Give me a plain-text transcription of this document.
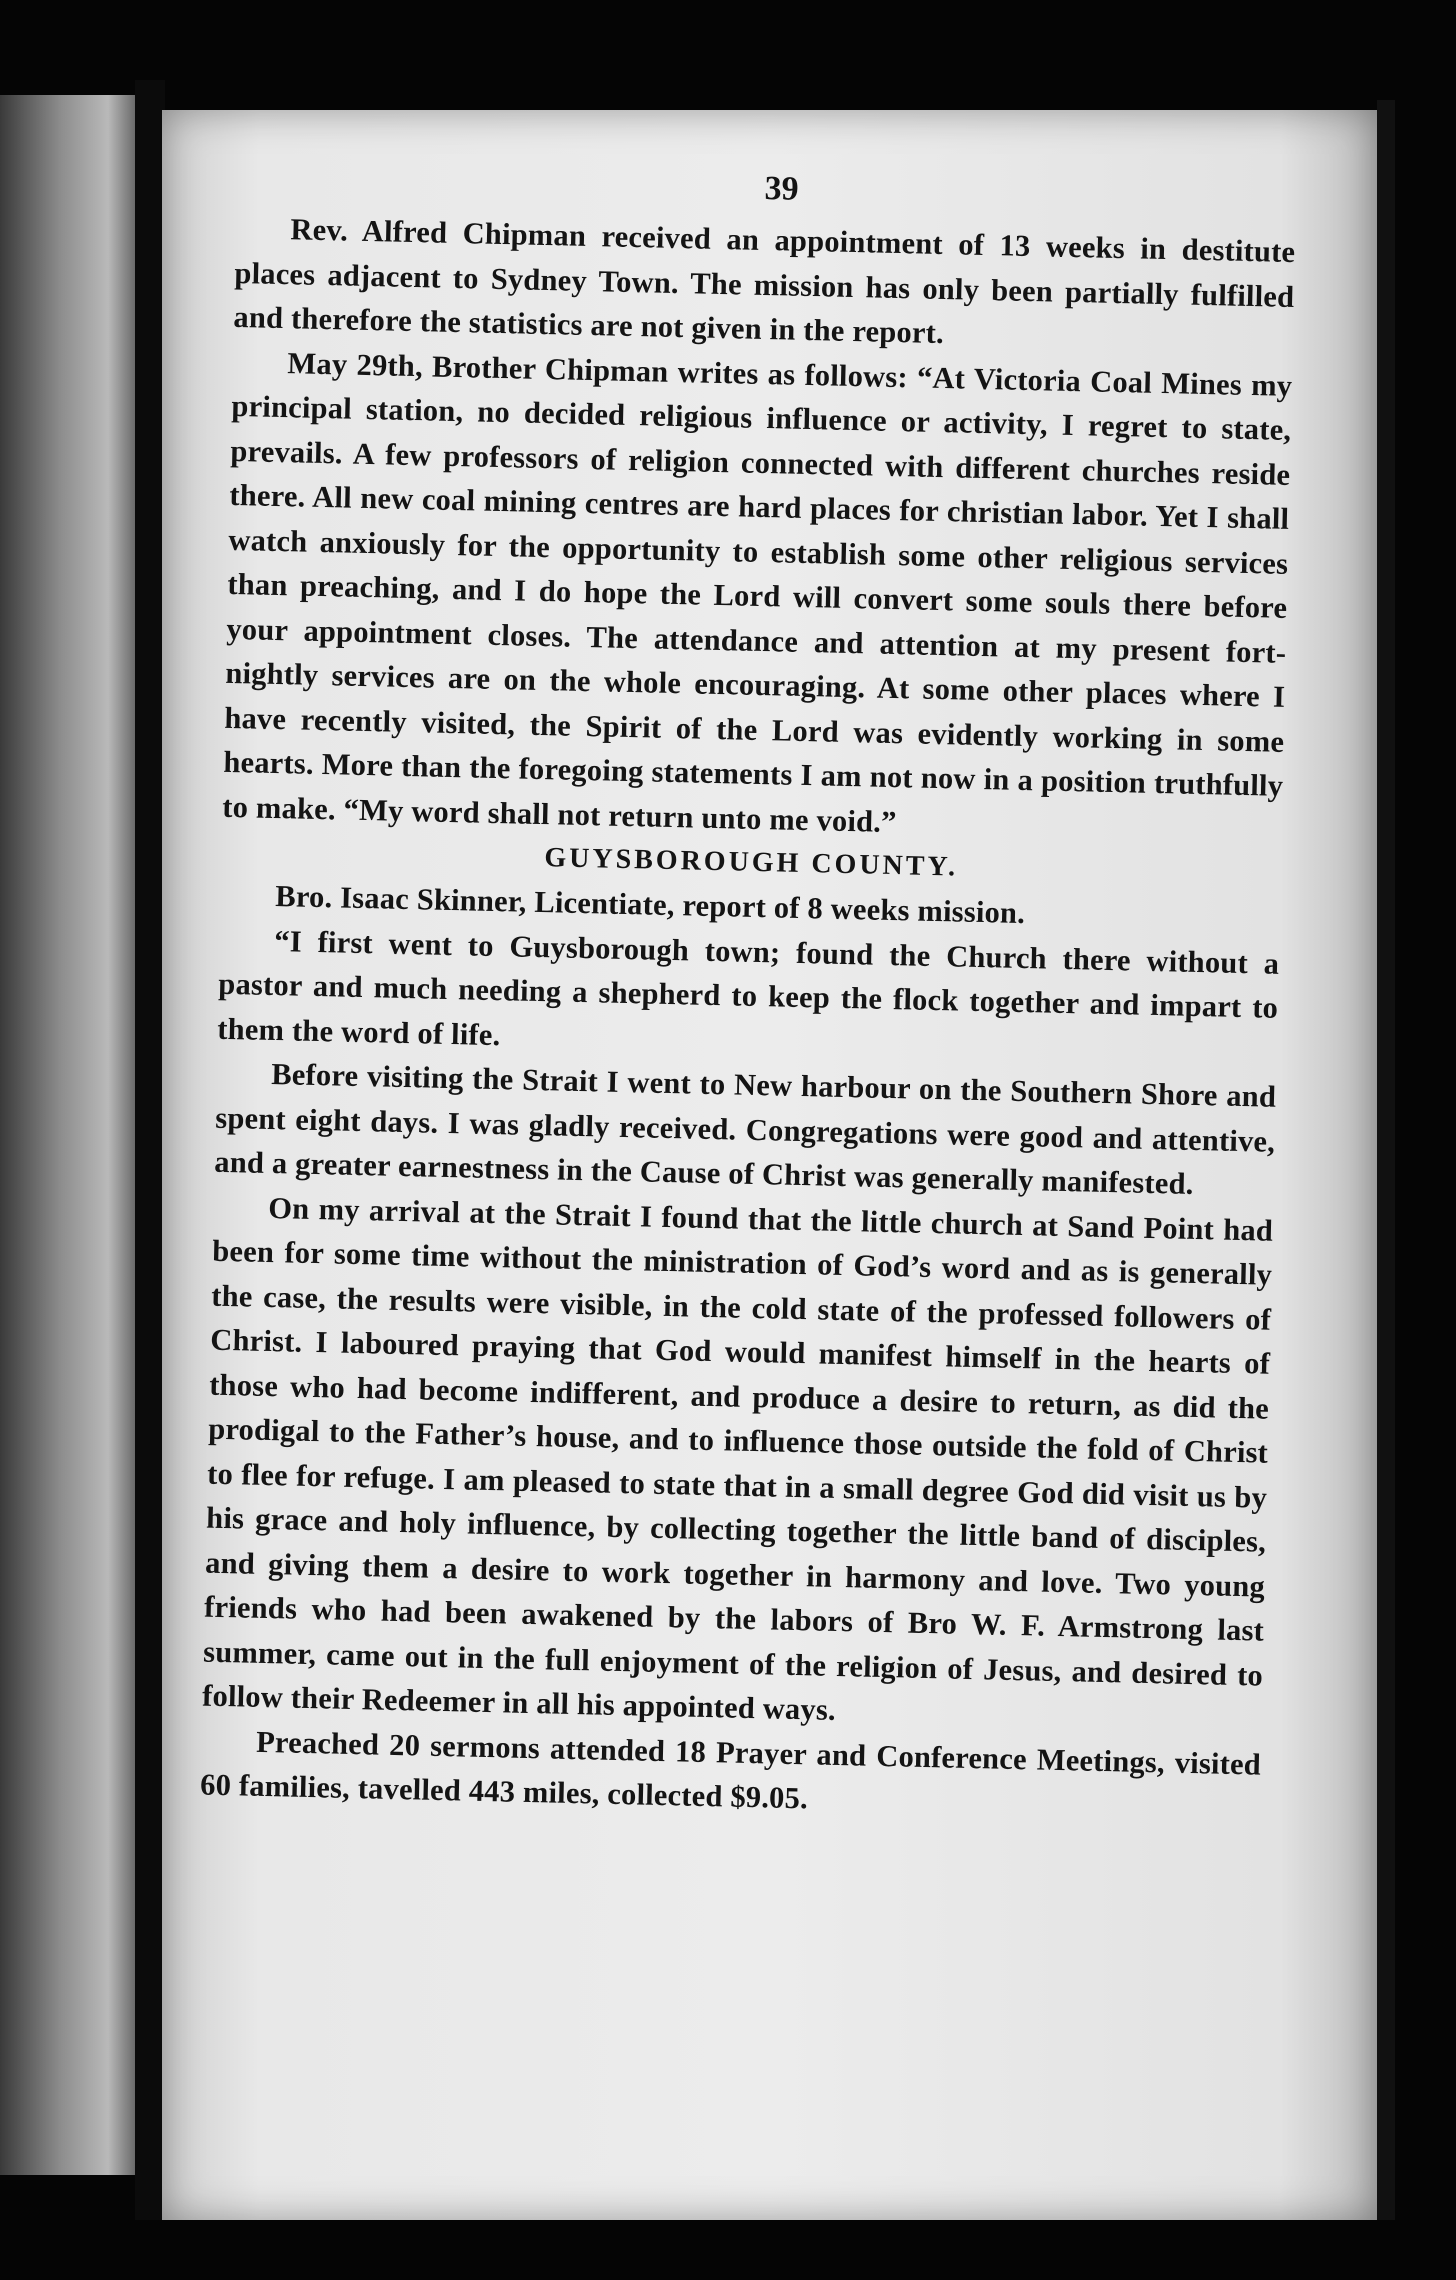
39

Rev. Alfred Chipman received an appointment of 13 weeks in destitute places adjacent to Sydney Town. The mission has only been partially fulfilled and therefore the statistics are not given in the report.

May 29th, Brother Chipman writes as follows: “At Victoria Coal Mines my principal station, no decided religious influence or activity, I regret to state, prevails. A few professors of religion connected with different churches reside there. All new coal mining centres are hard places for christian labor. Yet I shall watch anxiously for the opportunity to establish some other religious services than preaching, and I do hope the Lord will convert some souls there before your appointment closes. The attendance and attention at my present fort-nightly services are on the whole encouraging. At some other places where I have recently visited, the Spirit of the Lord was evidently working in some hearts. More than the foregoing statements I am not now in a position truthfully to make. “My word shall not return unto me void.”

GUYSBOROUGH COUNTY.

Bro. Isaac Skinner, Licentiate, report of 8 weeks mission.

“I first went to Guysborough town; found the Church there without a pastor and much needing a shepherd to keep the flock together and impart to them the word of life.

Before visiting the Strait I went to New harbour on the Southern Shore and spent eight days. I was gladly received. Congregations were good and attentive, and a greater earnestness in the Cause of Christ was generally manifested.

On my arrival at the Strait I found that the little church at Sand Point had been for some time without the ministration of God’s word and as is generally the case, the results were visible, in the cold state of the professed followers of Christ. I laboured praying that God would manifest himself in the hearts of those who had become indifferent, and produce a desire to return, as did the prodigal to the Father’s house, and to influence those outside the fold of Christ to flee for refuge. I am pleased to state that in a small degree God did visit us by his grace and holy influence, by collecting together the little band of disciples, and giving them a desire to work together in harmony and love. Two young friends who had been awakened by the labors of Bro W. F. Armstrong last summer, came out in the full enjoyment of the religion of Jesus, and desired to follow their Redeemer in all his appointed ways.

Preached 20 sermons attended 18 Prayer and Conference Meetings, visited 60 families, tavelled 443 miles, collected $9.05.
